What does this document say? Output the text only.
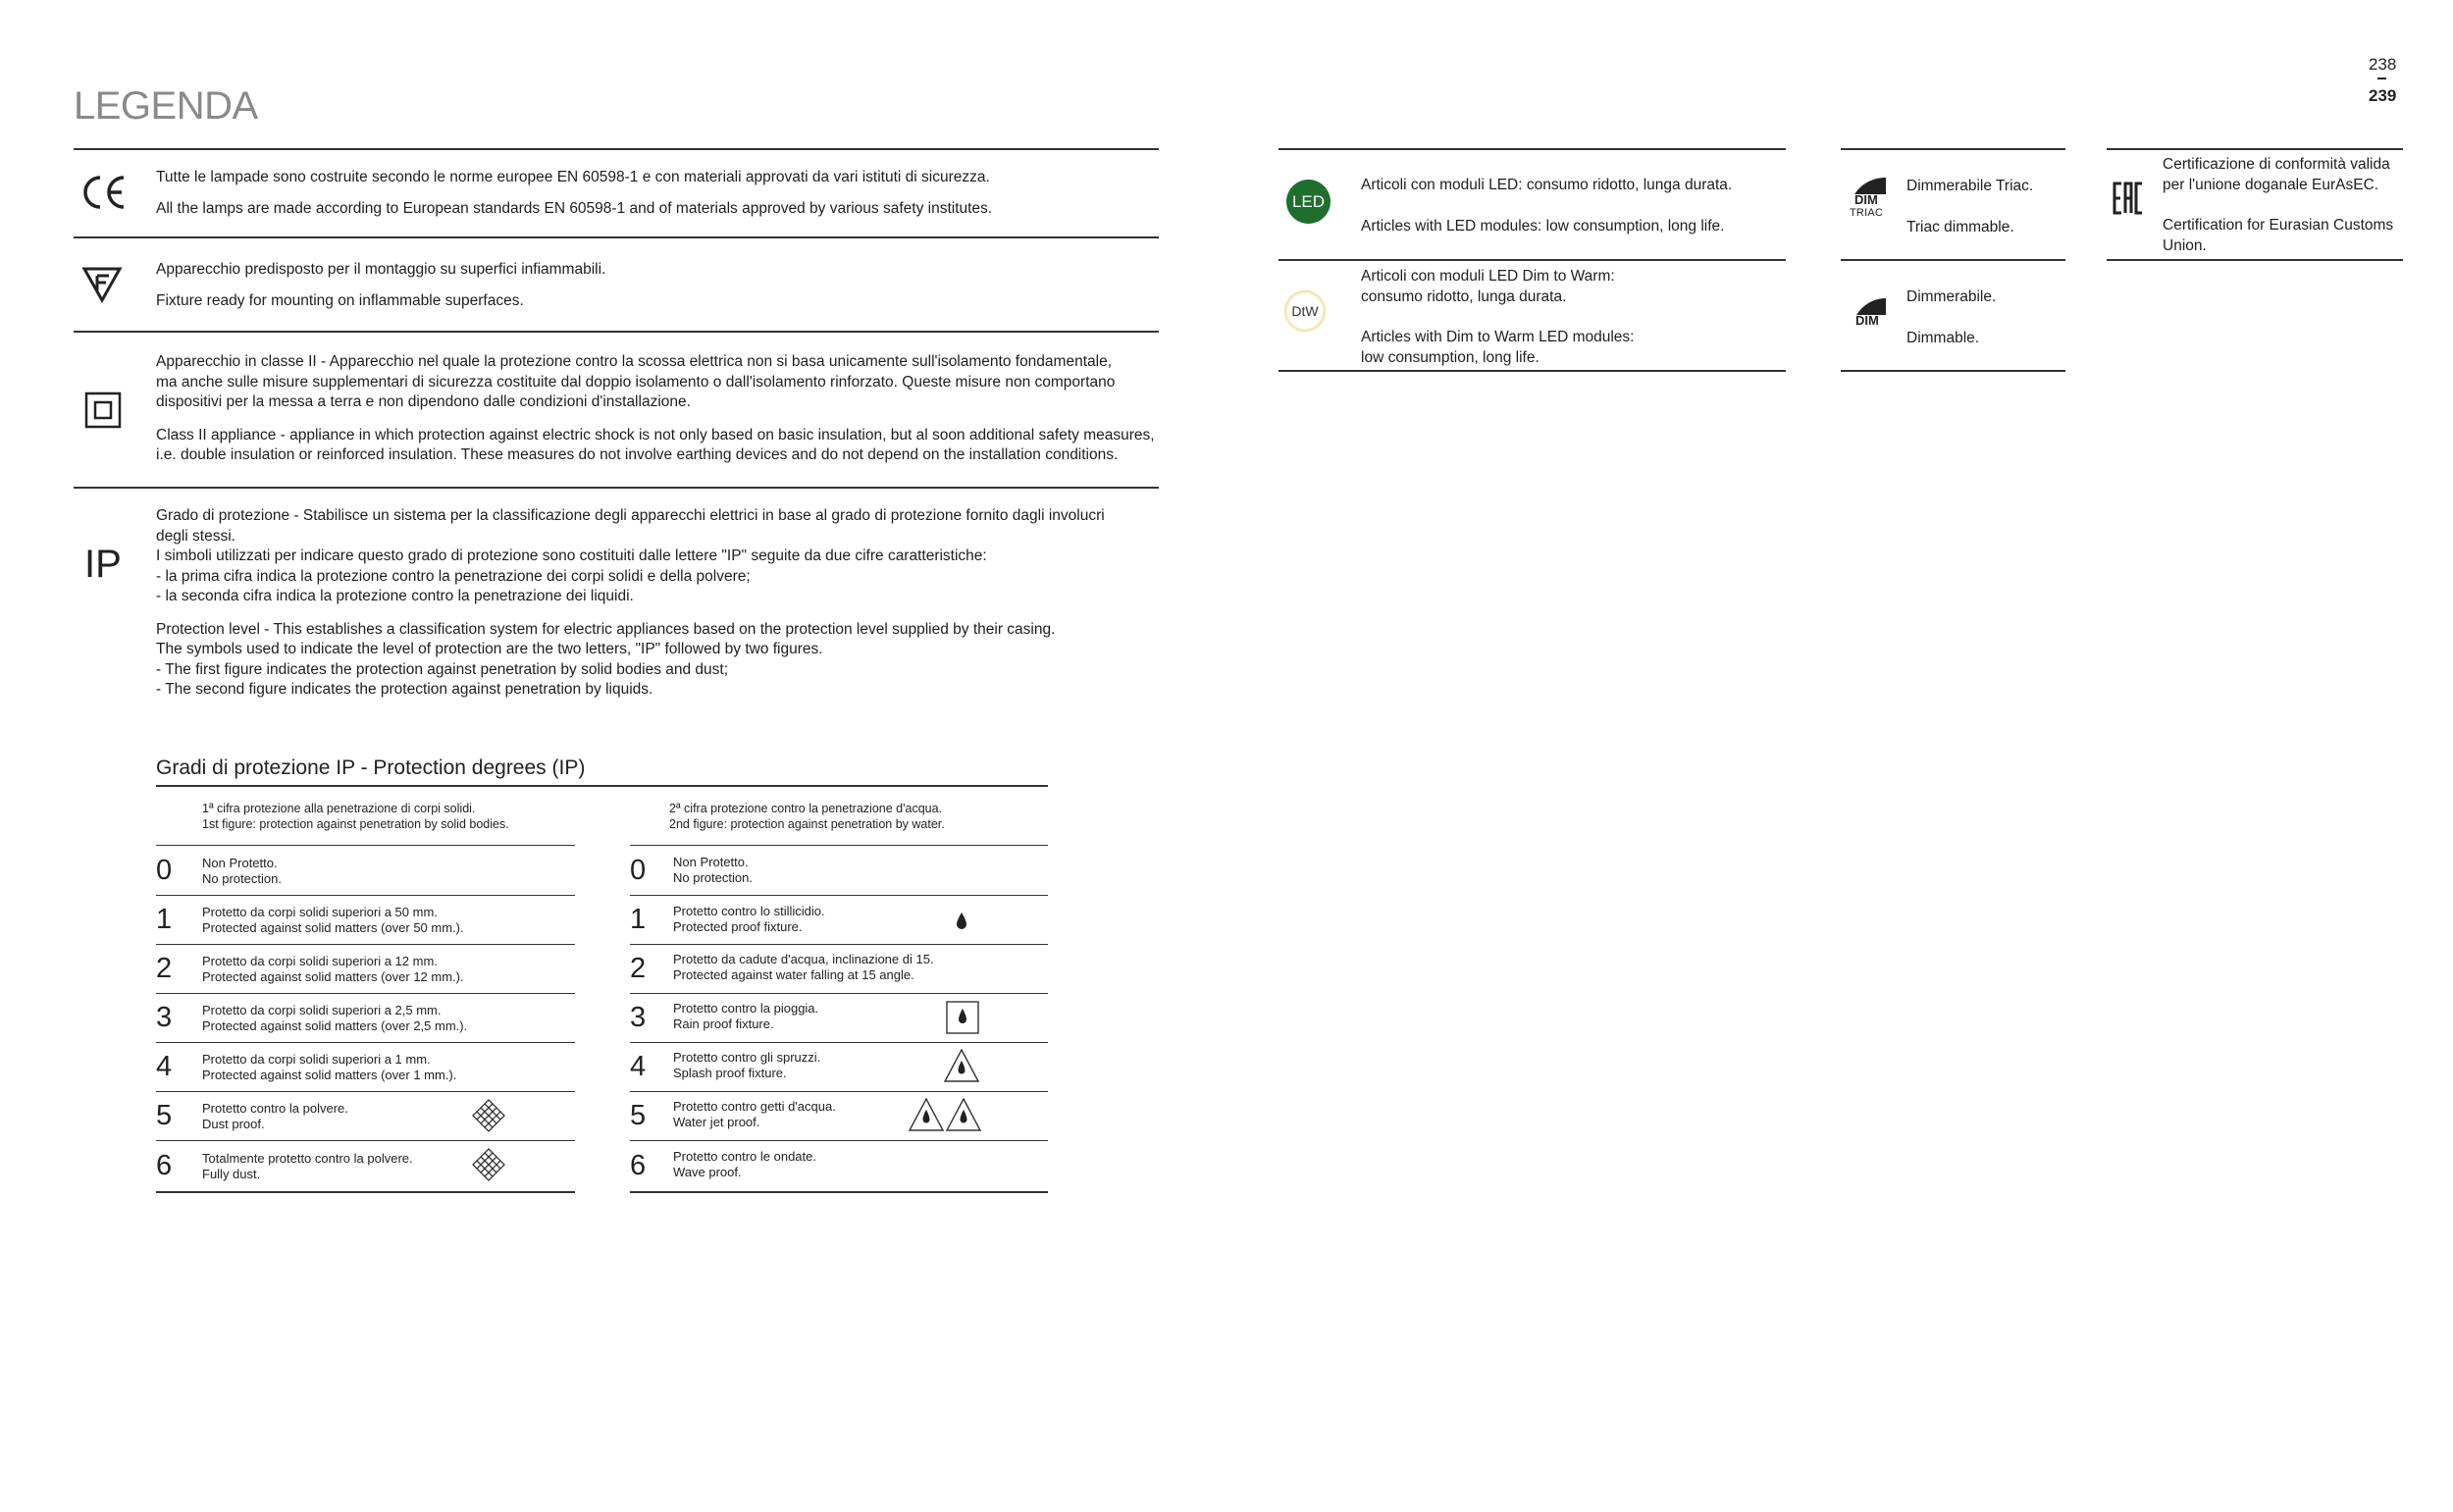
LEGENDA
238
239

Tutte le lampade sono costruite secondo le norme europee EN 60598-1 e con materiali approvati da vari istituti di sicurezza.

All the lamps are made according to European standards EN 60598-1 and of materials approved by various safety institutes.

Apparecchio predisposto per il montaggio su superfici infiammabili.

Fixture ready for mounting on inflammable superfaces.

Apparecchio in classe II - Apparecchio nel quale la protezione contro la scossa elettrica non si basa unicamente sull'isolamento fondamentale,

ma anche sulle misure supplementari di sicurezza costituite dal doppio isolamento o dall'isolamento rinforzato. Queste misure non comportano

dispositivi per la messa a terra e non dipendono dalle condizioni d'installazione.

Class II appliance - appliance in which protection against electric shock is not only based on basic insulation, but al soon additional safety measures,

i.e. double insulation or reinforced insulation. These measures do not involve earthing devices and do not depend on the installation conditions.

IP

Grado di protezione - Stabilisce un sistema per la classificazione degli apparecchi elettrici in base al grado di protezione fornito dagli involucri

degli stessi.

I simboli utilizzati per indicare questo grado di protezione sono costituiti dalle lettere "IP" seguite da due cifre caratteristiche:

- la prima cifra indica la protezione contro la penetrazione dei corpi solidi e della polvere;

- la seconda cifra indica la protezione contro la penetrazione dei liquidi.

Protection level - This establishes a classification system for electric appliances based on the protection level supplied by their casing.

The symbols used to indicate the level of protection are the two letters, "IP" followed by two figures.

- The first figure indicates the protection against penetration by solid bodies and dust;

- The second figure indicates the protection against penetration by liquids.

Gradi di protezione IP - Protection degrees (IP)
1ª cifra protezione alla penetrazione di corpi solidi.
1st figure: protection against penetration by solid bodies.
2ª cifra protezione contro la penetrazione d'acqua.
2nd figure: protection against penetration by water.
0 Non Protetto.
No protection.
1 Protetto da corpi solidi superiori a 50 mm.
Protected against solid matters (over 50 mm.).
2 Protetto da corpi solidi superiori a 12 mm.
Protected against solid matters (over 12 mm.).
3 Protetto da corpi solidi superiori a 2,5 mm.
Protected against solid matters (over 2,5 mm.).
4 Protetto da corpi solidi superiori a 1 mm.
Protected against solid matters (over 1 mm.).
5 Protetto contro la polvere.
Dust proof.
6 Totalmente protetto contro la polvere.
Fully dust.
0 Non Protetto.
No protection.
1 Protetto contro lo stillicidio.
Protected proof fixture.
2 Protetto da cadute d'acqua, inclinazione di 15.
Protected against water falling at 15 angle.
3 Protetto contro la pioggia.
Rain proof fixture.
4 Protetto contro gli spruzzi.
Splash proof fixture.
5 Protetto contro getti d'acqua.
Water jet proof.
6 Protetto contro le ondate.
Wave proof.
LED

Articoli con moduli LED: consumo ridotto, lunga durata.

Articles with LED modules: low consumption, long life.

DtW

Articoli con moduli LED Dim to Warm:

consumo ridotto, lunga durata.

Articles with Dim to Warm LED modules:

low consumption, long life.

DIM
TRIAC

Dimmerabile Triac.

Triac dimmable.

DIM

Dimmerabile.

Dimmable.

Certificazione di conformità valida

per l'unione doganale EurAsEC.

Certification for Eurasian Customs

Union.
